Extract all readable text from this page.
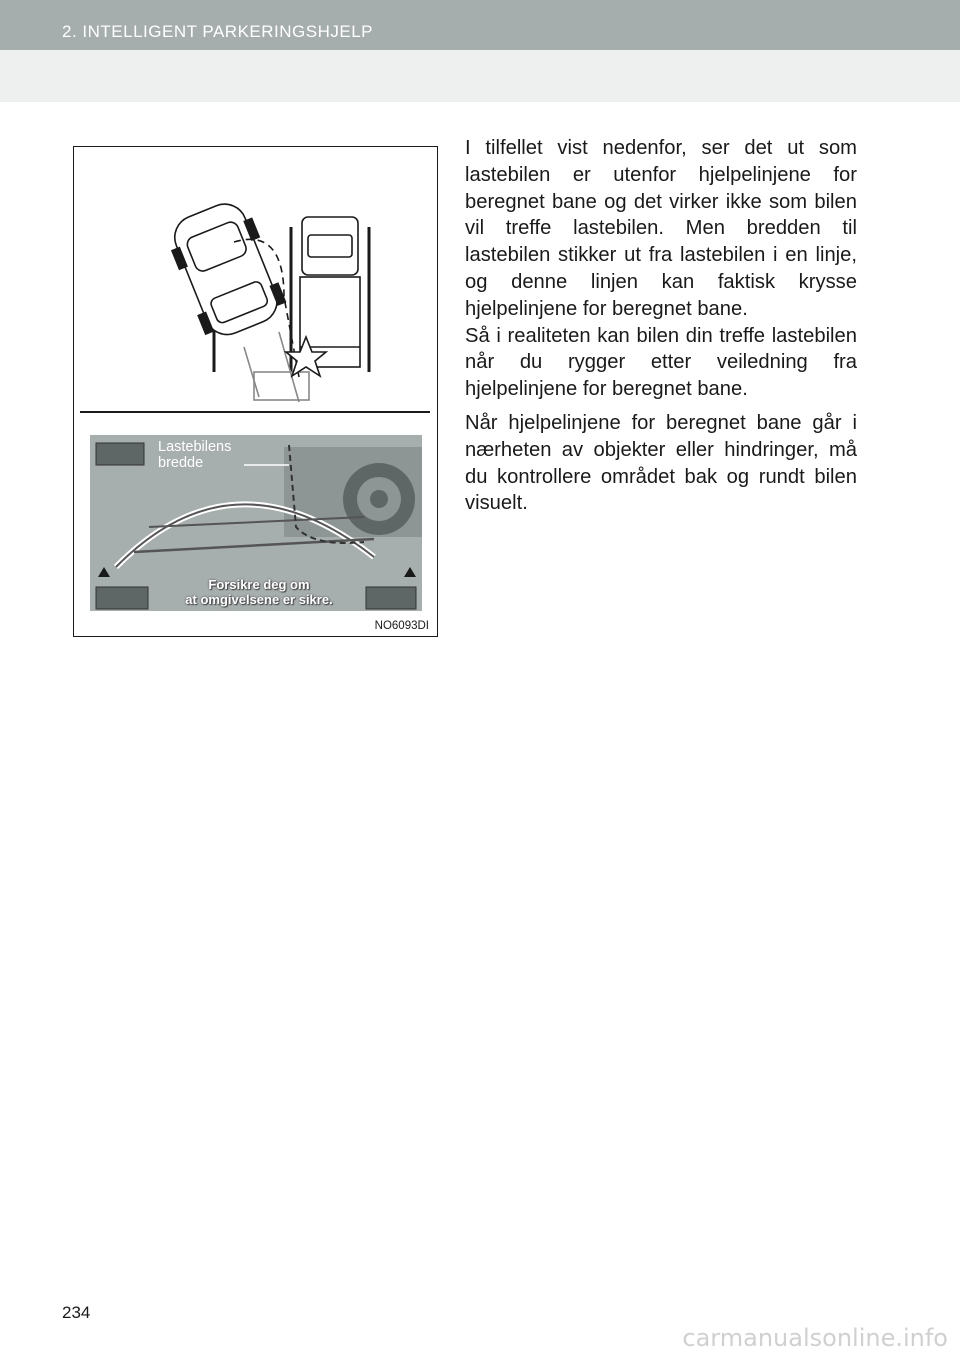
2. INTELLIGENT PARKERINGSHJELP
Lastebilens
bredde
Forsikre deg om
at omgivelsene er sikre.
NO6093DI

I tilfellet vist nedenfor, ser det ut som lastebilen er utenfor hjelpelinjene for beregnet bane og det virker ikke som bilen vil treffe lastebilen. Men bredden til lastebilen stikker ut fra lastebilen i en linje, og denne linjen kan faktisk krysse hjelpelinjene for beregnet bane.

Så i realiteten kan bilen din treffe lastebilen når du rygger etter veiledning fra hjelpelinjene for beregnet bane.

Når hjelpelinjene for beregnet bane går i nærheten av objekter eller hindringer, må du kontrollere området bak og rundt bilen visuelt.

234
carmanualsonline.info
